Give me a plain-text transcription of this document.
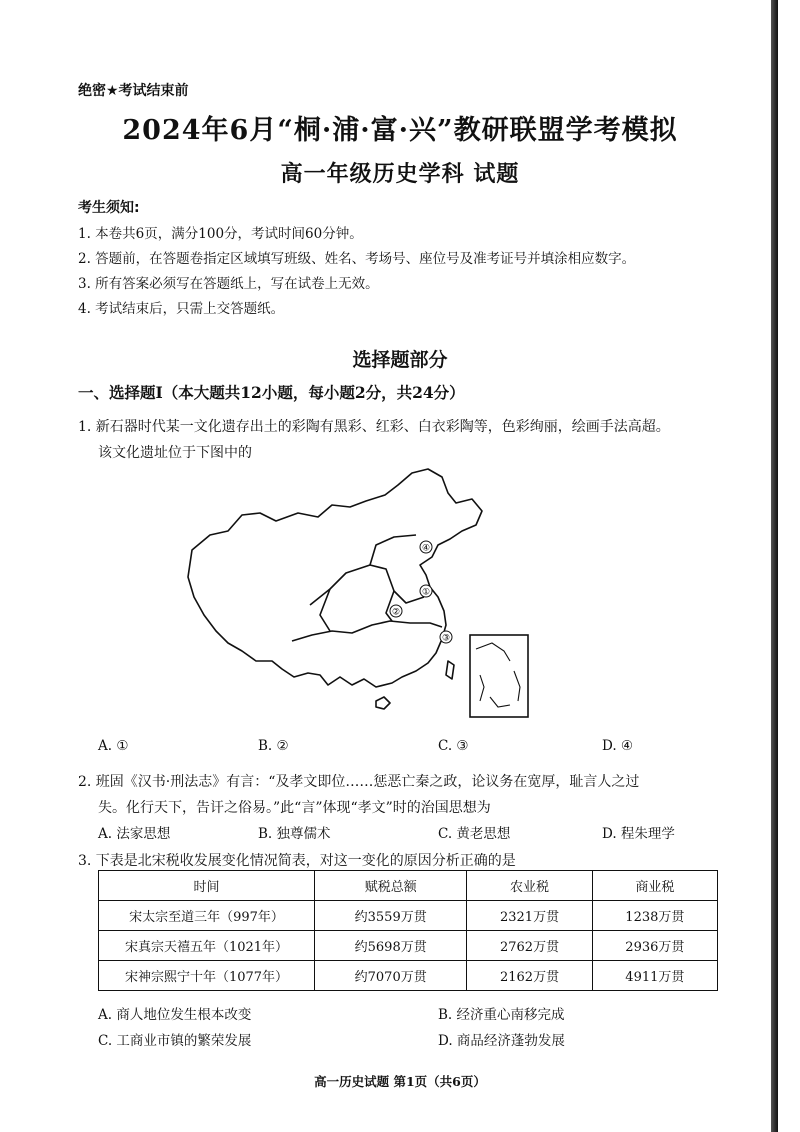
绝密★考试结束前
2024年6月“桐·浦·富·兴”教研联盟学考模拟
高一年级历史学科 试题
考生须知:
1. 本卷共6页，满分100分，考试时间60分钟。
2. 答题前，在答题卷指定区域填写班级、姓名、考场号、座位号及准考证号并填涂相应数字。
3. 所有答案必须写在答题纸上，写在试卷上无效。
4. 考试结束后，只需上交答题纸。
选择题部分
一、选择题Ⅰ（本大题共12小题，每小题2分，共24分）
1. 新石器时代某一文化遗存出土的彩陶有黑彩、红彩、白衣彩陶等，色彩绚丽，绘画手法高超。
该文化遗址位于下图中的
④
①
②
③
A. ①	B. ②	C. ③	D. ④
2. 班固《汉书·刑法志》有言：“及孝文即位……惩恶亡秦之政，论议务在宽厚，耻言人之过
失。化行天下，告讦之俗易。”此“言”体现“孝文”时的治国思想为
A. 法家思想	B. 独尊儒术	C. 黄老思想	D. 程朱理学
3. 下表是北宋税收发展变化情况简表，对这一变化的原因分析正确的是
时间	赋税总额	农业税	商业税
宋太宗至道三年（997年）	约3559万贯	2321万贯	1238万贯
宋真宗天禧五年（1021年）	约5698万贯	2762万贯	2936万贯
宋神宗熙宁十年（1077年）	约7070万贯	2162万贯	4911万贯
A. 商人地位发生根本改变	B. 经济重心南移完成
C. 工商业市镇的繁荣发展	D. 商品经济蓬勃发展
高一历史试题 第1页（共6页）
